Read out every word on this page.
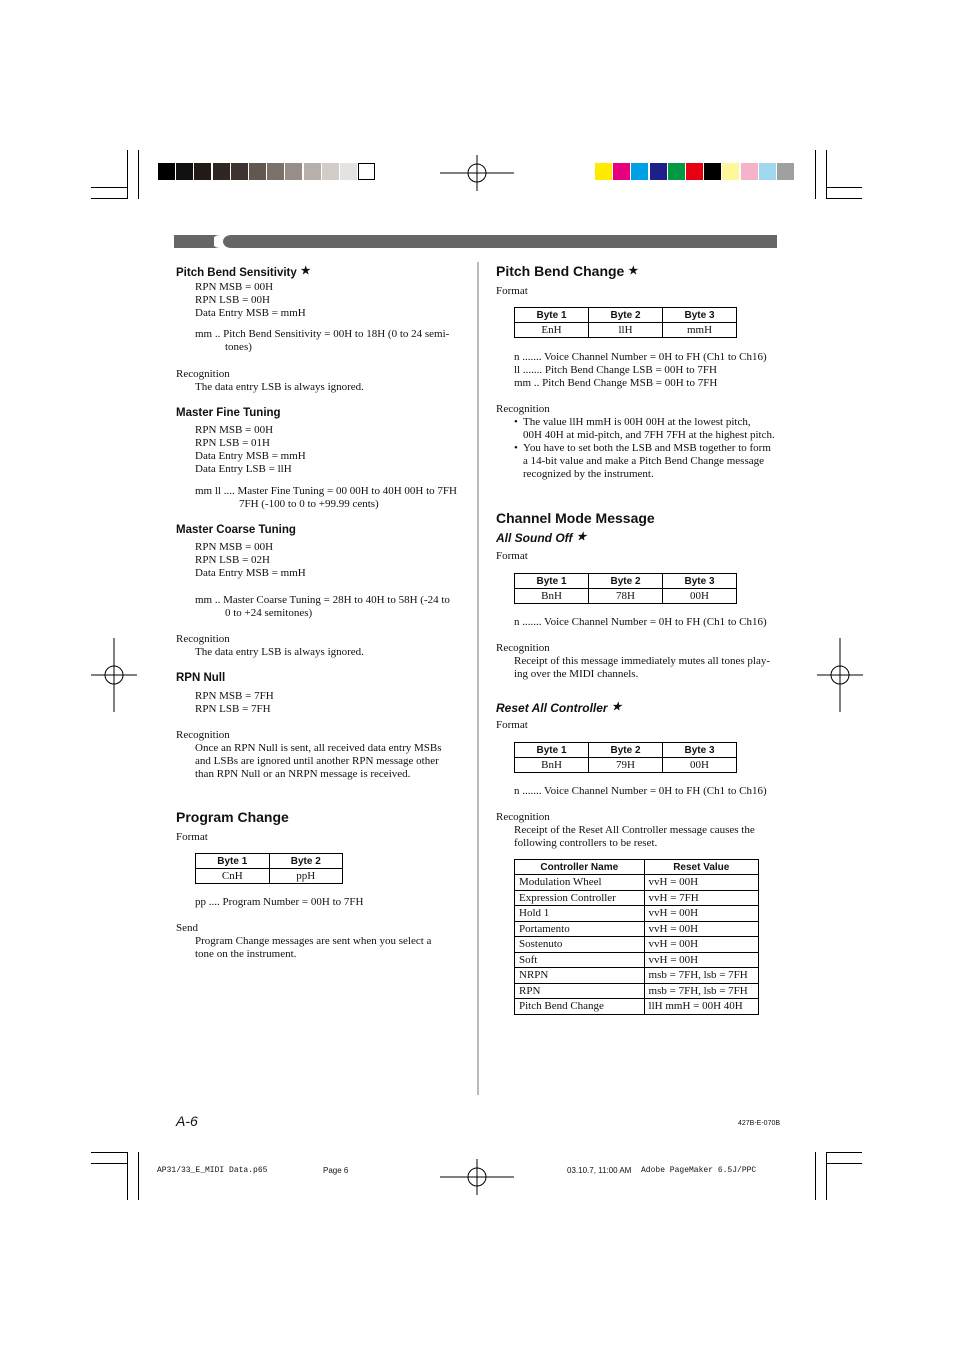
Pitch Bend Sensitivity ★
RPN MSB = 00H
RPN LSB = 00H
Data Entry MSB = mmH
mm .. Pitch Bend Sensitivity = 00H to 18H (0 to 24 semi-
tones)
Recognition
The data entry LSB is always ignored.
Master Fine Tuning
RPN MSB = 00H
RPN LSB = 01H
Data Entry MSB = mmH
Data Entry LSB = llH
mm ll .... Master Fine Tuning = 00 00H to 40H 00H to 7FH
7FH (-100 to 0 to +99.99 cents)
Master Coarse Tuning
RPN MSB = 00H
RPN LSB = 02H
Data Entry MSB = mmH
mm .. Master Coarse Tuning = 28H to 40H to 58H (-24 to
0 to +24 semitones)
Recognition
The data entry LSB is always ignored.
RPN Null
RPN MSB = 7FH
RPN LSB = 7FH
Recognition
Once an RPN Null is sent, all received data entry MSBs
and LSBs are ignored until another RPN message other
than RPN Null or an NRPN message is received.
Program Change
Format
Byte 1	Byte 2
CnH	ppH
pp .... Program Number = 00H to 7FH
Send
Program Change messages are sent when you select a
tone on the instrument.
Pitch Bend Change ★
Format
Byte 1	Byte 2	Byte 3
EnH	llH	mmH
n ....... Voice Channel Number = 0H to FH (Ch1 to Ch16)
ll ....... Pitch Bend Change LSB = 00H to 7FH
mm .. Pitch Bend Change MSB = 00H to 7FH
Recognition
• The value llH mmH is 00H 00H at the lowest pitch,
00H 40H at mid-pitch, and 7FH 7FH at the highest pitch.
• You have to set both the LSB and MSB together to form
a 14-bit value and make a Pitch Bend Change message
recognized by the instrument.
Channel Mode Message
All Sound Off ★
Format
Byte 1	Byte 2	Byte 3
BnH	78H	00H
n ....... Voice Channel Number = 0H to FH (Ch1 to Ch16)
Recognition
Receipt of this message immediately mutes all tones play-
ing over the MIDI channels.
Reset All Controller ★
Format
Byte 1	Byte 2	Byte 3
BnH	79H	00H
n ....... Voice Channel Number = 0H to FH (Ch1 to Ch16)
Recognition
Receipt of the Reset All Controller message causes the
following controllers to be reset.
Controller Name	Reset Value
Modulation Wheel	vvH = 00H
Expression Controller	vvH = 7FH
Hold 1	vvH = 00H
Portamento	vvH = 00H
Sostenuto	vvH = 00H
Soft	vvH = 00H
NRPN	msb = 7FH, lsb = 7FH
RPN	msb = 7FH, lsb = 7FH
Pitch Bend Change	llH mmH = 00H 40H
A-6	427B-E-070B
AP31/33_E_MIDI Data.p65	Page 6	03.10.7, 11:00 AM Adobe PageMaker 6.5J/PPC
